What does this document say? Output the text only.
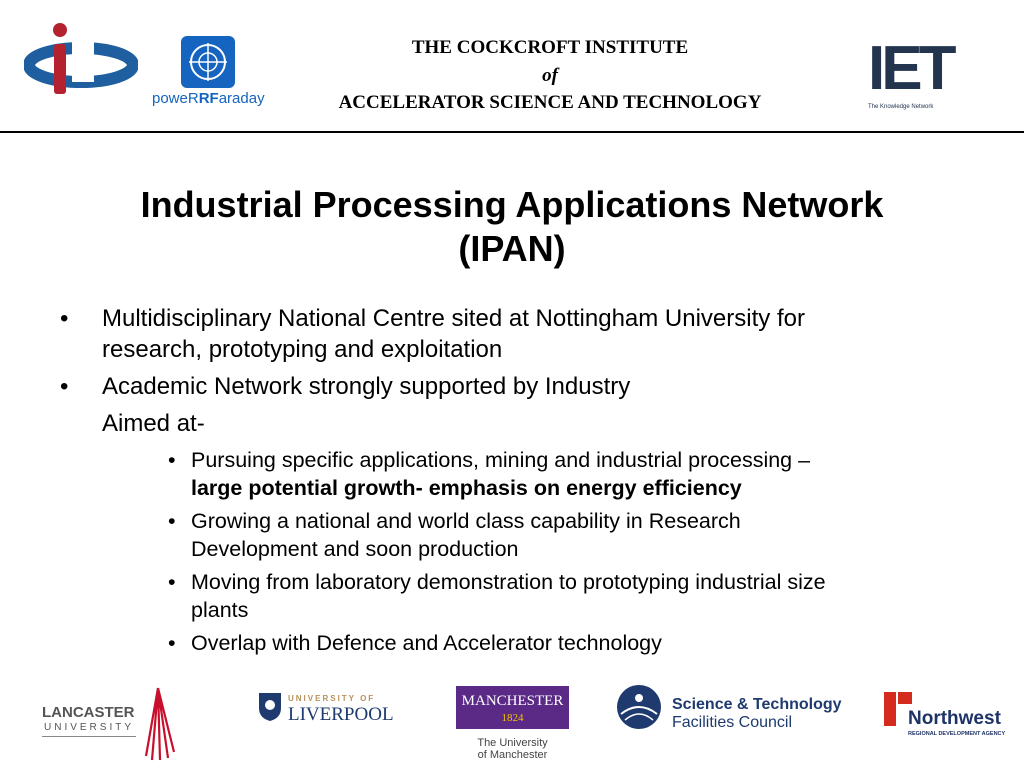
poweRRFaraday
THE COCKCROFT INSTITUTE
of
ACCELERATOR SCIENCE AND TECHNOLOGY	IET
The Knowledge Network
Industrial Processing Applications Network
(IPAN)
• Multidisciplinary National Centre sited at Nottingham University for
research, prototyping and exploitation
• Academic Network strongly supported by Industry
Aimed at-
• Pursuing specific applications, mining and industrial processing –
large potential growth- emphasis on energy efficiency
• Growing a national and world class capability in Research
Development and soon production
• Moving from laboratory demonstration to prototyping industrial size
plants
• Overlap with Defence and Accelerator technology
LANCASTER
UNIVERSITY
UNIVERSITY OF
LIVERPOOL
MANCHESTER
1824
The University
of Manchester
Science & Technology
Facilities Council	Northwest
REGIONAL DEVELOPMENT AGENCY
